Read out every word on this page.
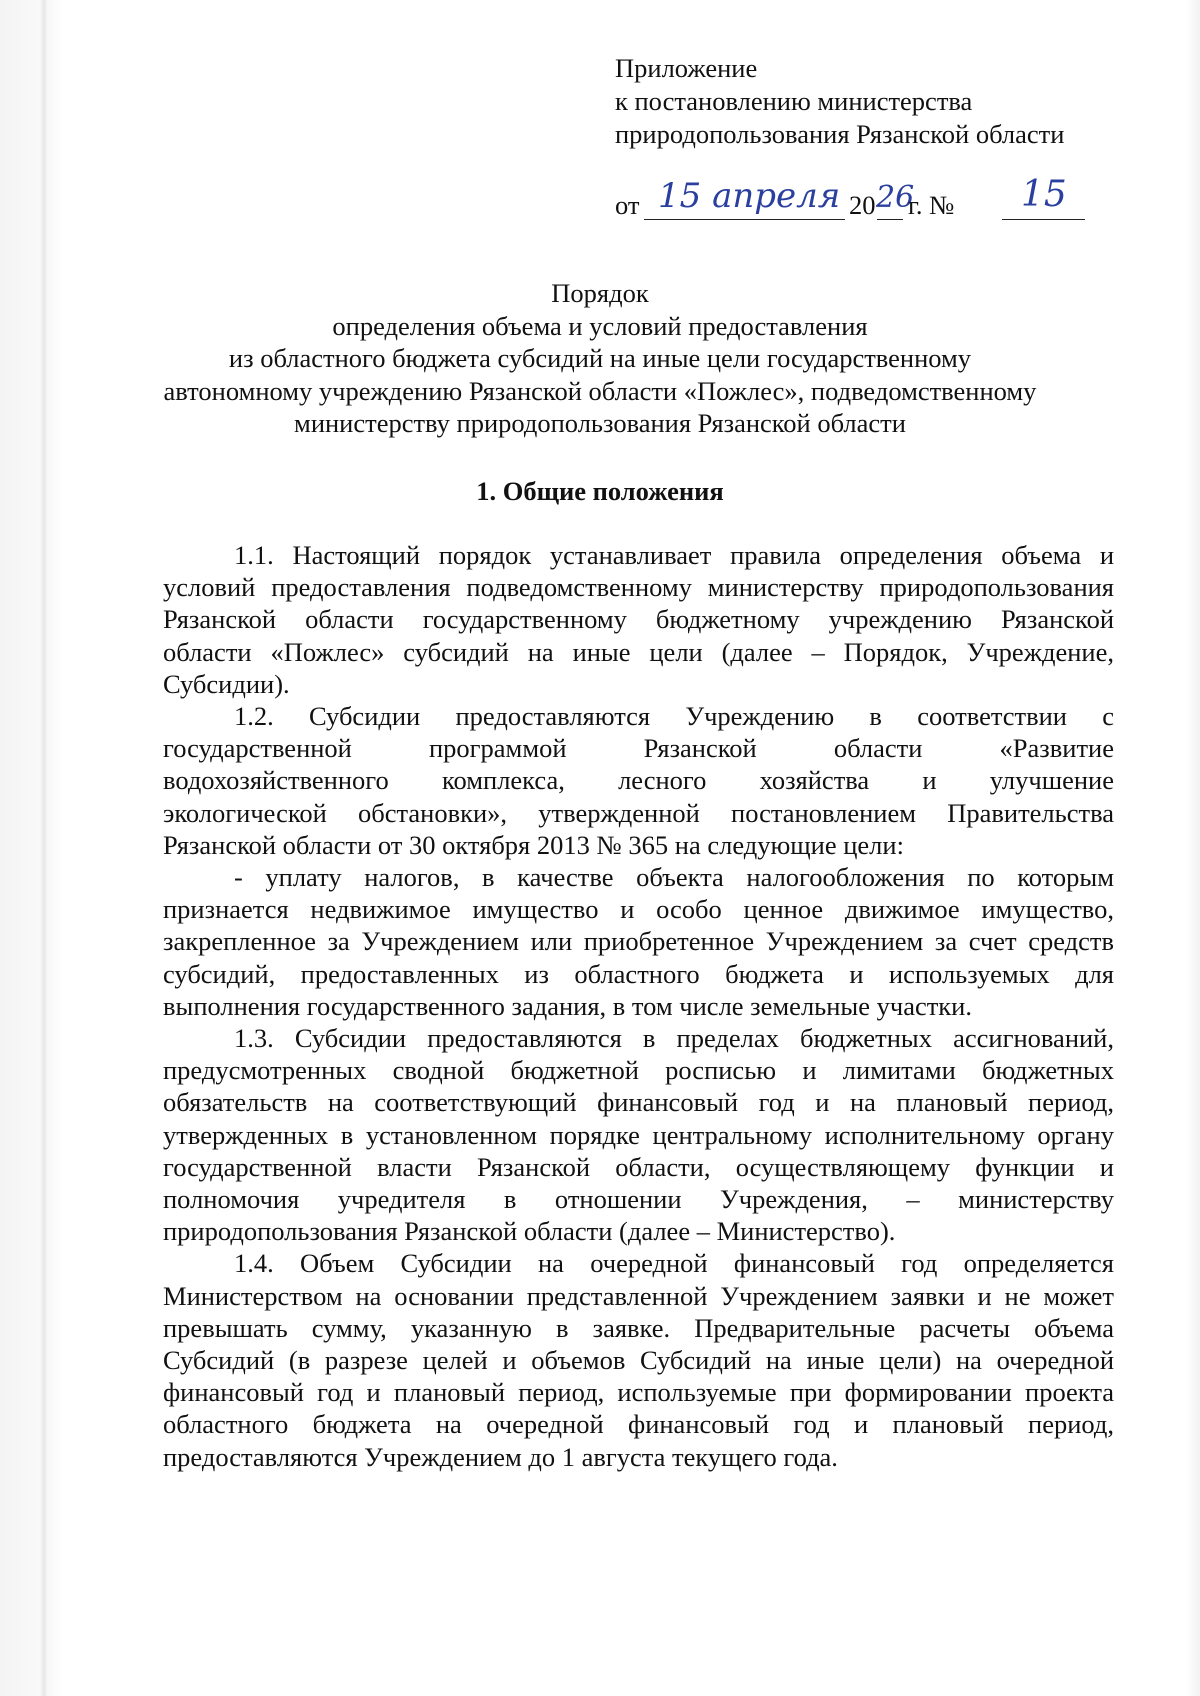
Приложение
к постановлению министерства
природопользования Рязанской области
от 15 апреля 20 26
г. № 15
Порядок
определения объема и условий предоставления
из областного бюджета субсидий на иные цели государственному
автономному учреждению Рязанской области «Пожлес», подведомственному
министерству природопользования Рязанской области
1. Общие положения
1.1. Настоящий порядок устанавливает правила определения объема и
условий предоставления подведомственному министерству природопользования
Рязанской области государственному бюджетному учреждению Рязанской
области «Пожлес» субсидий на иные цели (далее – Порядок, Учреждение,
Субсидии).
1.2. Субсидии предоставляются Учреждению в соответствии с
государственной программой Рязанской области «Развитие
водохозяйственного комплекса, лесного хозяйства и улучшение
экологической обстановки», утвержденной постановлением Правительства
Рязанской области от 30 октября 2013 № 365 на следующие цели:
- уплату налогов, в качестве объекта налогообложения по которым
признается недвижимое имущество и особо ценное движимое имущество,
закрепленное за Учреждением или приобретенное Учреждением за счет средств
субсидий, предоставленных из областного бюджета и используемых для
выполнения государственного задания, в том числе земельные участки.
1.3. Субсидии предоставляются в пределах бюджетных ассигнований,
предусмотренных сводной бюджетной росписью и лимитами бюджетных
обязательств на соответствующий финансовый год и на плановый период,
утвержденных в установленном порядке центральному исполнительному органу
государственной власти Рязанской области, осуществляющему функции и
полномочия учредителя в отношении Учреждения, – министерству
природопользования Рязанской области (далее – Министерство).
1.4. Объем Субсидии на очередной финансовый год определяется
Министерством на основании представленной Учреждением заявки и не может
превышать сумму, указанную в заявке. Предварительные расчеты объема
Субсидий (в разрезе целей и объемов Субсидий на иные цели) на очередной
финансовый год и плановый период, используемые при формировании проекта
областного бюджета на очередной финансовый год и плановый период,
предоставляются Учреждением до 1 августа текущего года.
